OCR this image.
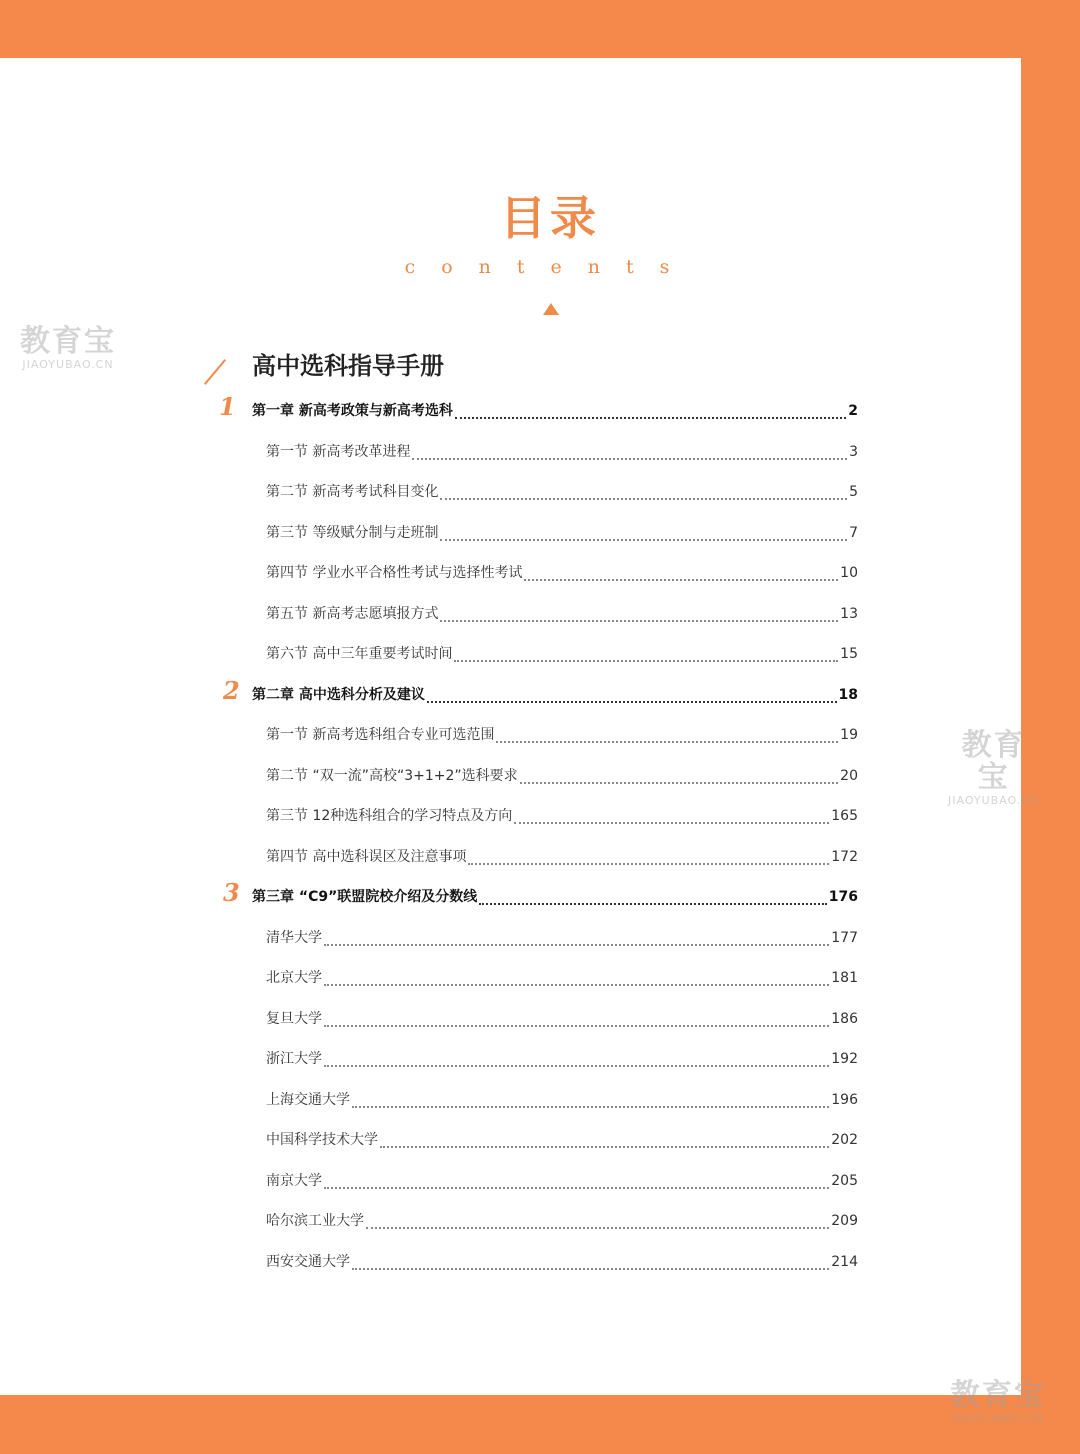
目录
contents
高中选科指导手册
1 第一章 新高考政策与新高考选科	2
第一节 新高考改革进程	3
第二节 新高考考试科目变化	5
第三节 等级赋分制与走班制	7
第四节 学业水平合格性考试与选择性考试	10
第五节 新高考志愿填报方式	13
第六节 高中三年重要考试时间	15
2 第二章 高中选科分析及建议	18
第一节 新高考选科组合专业可选范围	19
第二节 “双一流”高校“3+1+2”选科要求	20
第三节 12种选科组合的学习特点及方向	165
第四节 高中选科误区及注意事项	172
3 第三章 “C9”联盟院校介绍及分数线	176
清华大学	177
北京大学	181
复旦大学	186
浙江大学	192
上海交通大学	196
中国科学技术大学	202
南京大学	205
哈尔滨工业大学	209
西安交通大学	214
教育宝
JIAOYUBAO.CN
教育宝
JIAOYUBAO.CN
教育宝
JIAOYUBAO.CN
